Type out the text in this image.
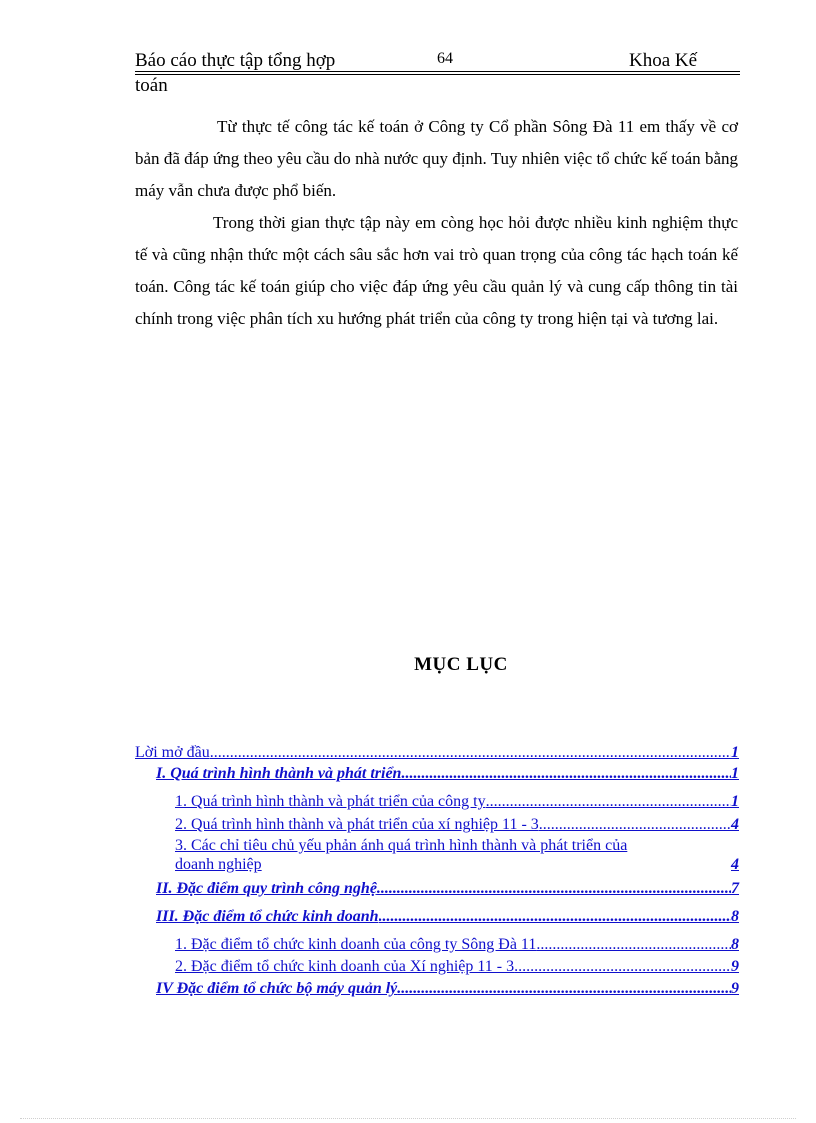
Báo cáo thực tập tổng hợp	64	Khoa Kế
toán

Từ thực tế công tác kế toán ở Công ty Cổ phần Sông Đà 11 em thấy về cơ bản đã đáp ứng theo yêu cầu do nhà nước quy định. Tuy nhiên việc tổ chức kế toán bằng máy vẫn chưa được phổ biến.

Trong thời gian thực tập này em còng học hỏi được nhiều kinh nghiệm thực tế và cũng nhận thức một cách sâu sắc hơn vai trò quan trọng của công tác hạch toán kế toán. Công tác kế toán giúp cho việc đáp ứng yêu cầu quản lý và cung cấp thông tin tài chính trong việc phân tích xu hướng phát triển của công ty trong hiện tại và tương lai.

MỤC LỤC
Lời mở đầu .....	1
I. Quá trình hình thành và phát triển .....	1
1. Quá trình hình thành và phát triển của công ty .....	1
2. Quá trình hình thành và phát triển của xí nghiệp 11 - 3 .....	4
3. Các chỉ tiêu chủ yếu phản ánh quá trình hình thành và phát triển của
doanh nghiệp	4
II. Đặc điểm quy trình công nghệ .....	7
III. Đặc điểm tổ chức kinh doanh .....	8
1. Đặc điểm tổ chức kinh doanh của công ty Sông Đà 11 .....	8
2. Đặc điểm tổ chức kinh doanh của Xí nghiệp 11 - 3 .....	9
IV Đặc điểm tổ chức bộ máy quản lý .....	9
